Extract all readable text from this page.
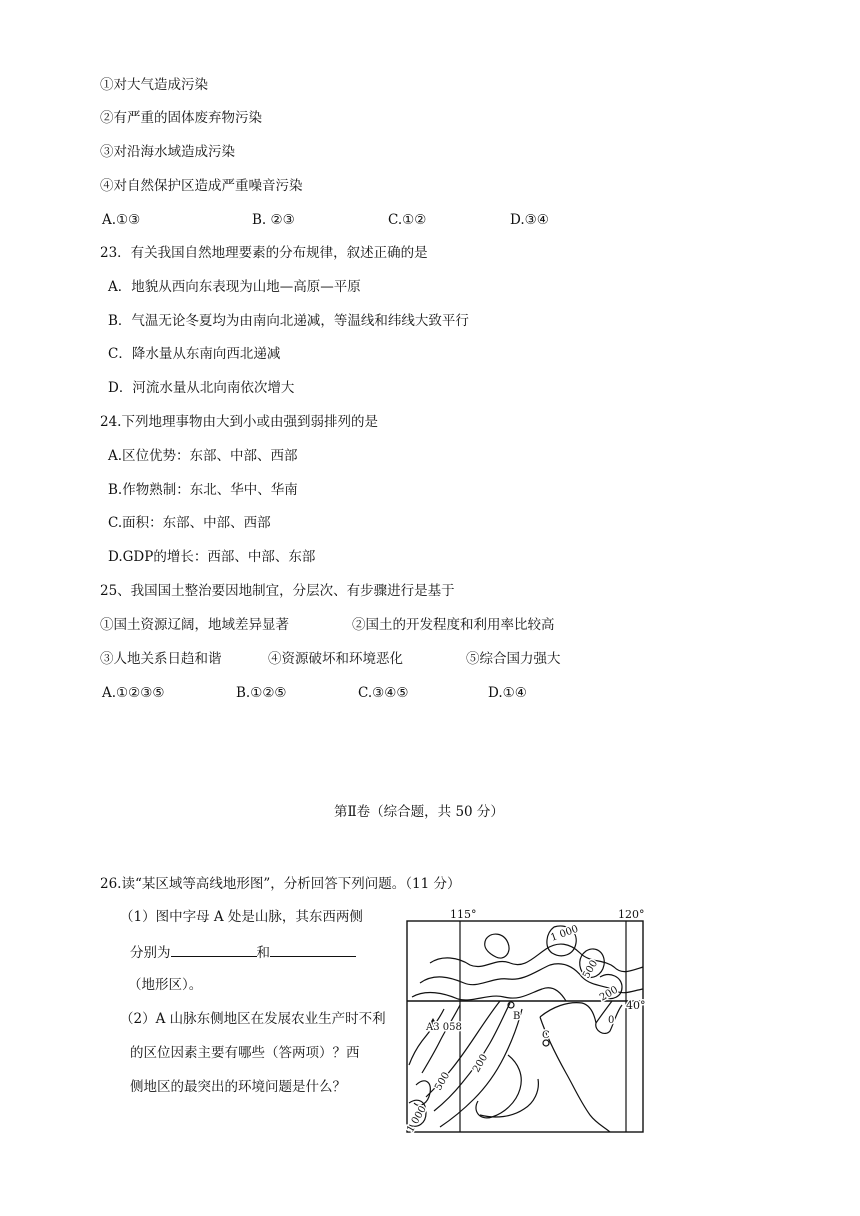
①对大气造成污染
②有严重的固体废弃物污染
③对沿海水域造成污染
④对自然保护区造成严重噪音污染
A.①③	B. ②③	C.①②	D.③④
23．有关我国自然地理要素的分布规律，叙述正确的是
A．地貌从西向东表现为山地—高原—平原
B．气温无论冬夏均为由南向北递减，等温线和纬线大致平行
C．降水量从东南向西北递减
D．河流水量从北向南依次增大
24.下列地理事物由大到小或由强到弱排列的是
A.区位优势：东部、中部、西部
B.作物熟制：东北、华中、华南
C.面积：东部、中部、西部
D.GDP的增长：西部、中部、东部
25、我国国土整治要因地制宜，分层次、有步骤进行是基于
①国土资源辽阔，地域差异显著	②国土的开发程度和利用率比较高
③人地关系日趋和谐	④资源破坏和环境恶化	⑤综合国力强大
A.①②③⑤	B.①②⑤	C.③④⑤	D.①④
第Ⅱ卷（综合题，共 50 分）
26.读“某区域等高线地形图”，分析回答下列问题。（11 分）
（1）图中字母 A 处是山脉，其东西两侧
分别为	和
（地形区）。
（2）A 山脉东侧地区在发展农业生产时不利
的区位因素主要有哪些（答两项）？西
侧地区的最突出的环境问题是什么？
115°	120°
40°
1 000
500
200
0
A3 058
B
C
200
500
1 000
